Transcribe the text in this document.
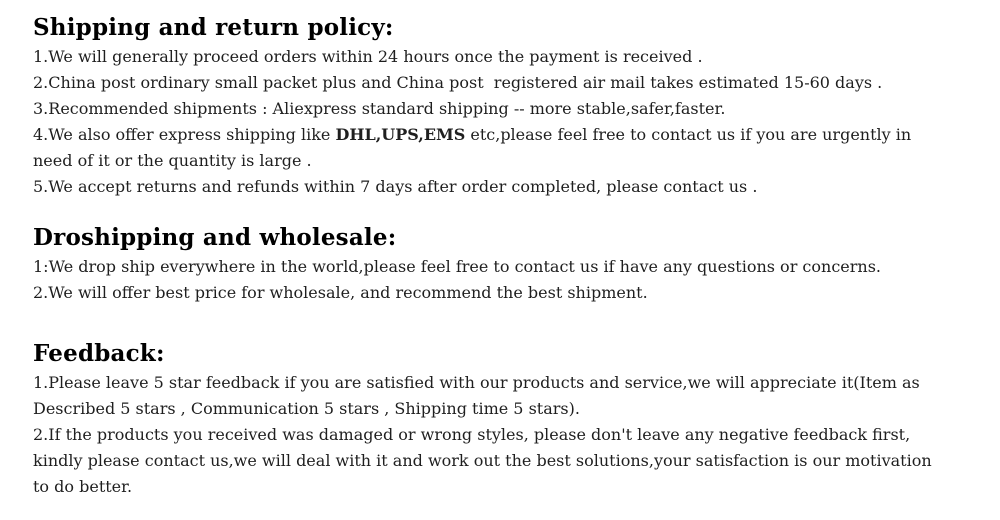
Shipping and return policy:
1.We will generally proceed orders within 24 hours once the payment is received .
2.China post ordinary small packet plus and China post  registered air mail takes estimated 15-60 days .
3.Recommended shipments : Aliexpress standard shipping -- more stable,safer,faster.
4.We also offer express shipping like DHL,UPS,EMS etc,please feel free to contact us if you are urgently in
need of it or the quantity is large .
5.We accept returns and refunds within 7 days after order completed, please contact us .
Droshipping and wholesale:
1:We drop ship everywhere in the world,please feel free to contact us if have any questions or concerns.
2.We will offer best price for wholesale, and recommend the best shipment.
Feedback:
1.Please leave 5 star feedback if you are satisfied with our products and service,we will appreciate it(Item as
Described 5 stars , Communication 5 stars , Shipping time 5 stars).
2.If the products you received was damaged or wrong styles, please don't leave any negative feedback first,
kindly please contact us,we will deal with it and work out the best solutions,your satisfaction is our motivation
to do better.
